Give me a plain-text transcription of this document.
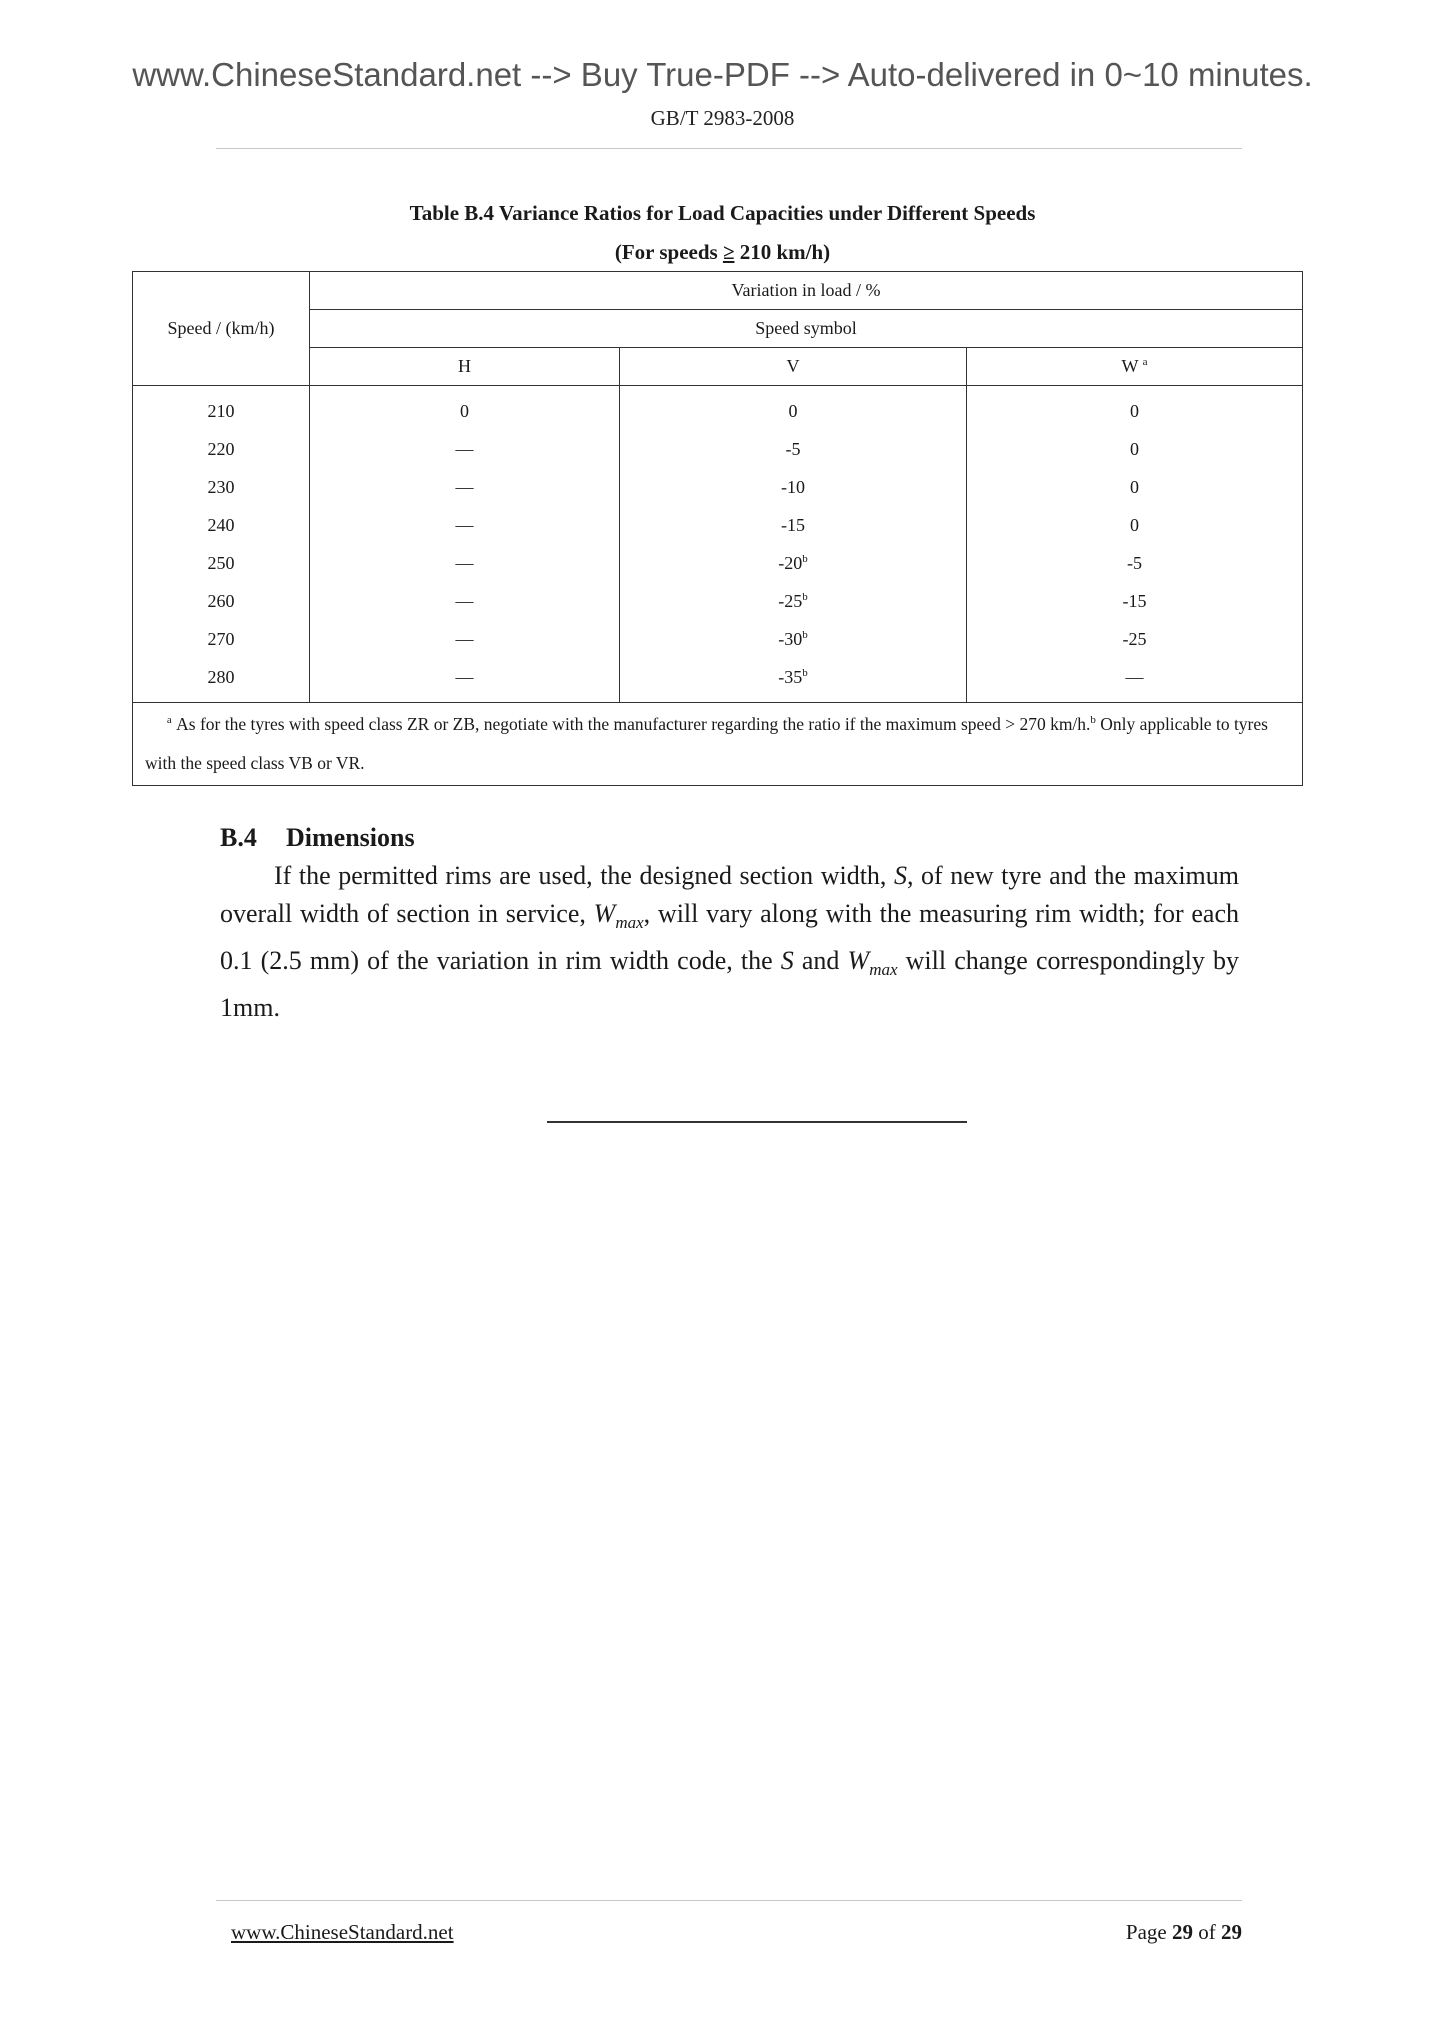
www.ChineseStandard.net --> Buy True-PDF --> Auto-delivered in 0~10 minutes.
GB/T 2983-2008
Table B.4 Variance Ratios for Load Capacities under Different Speeds
(For speeds ≥ 210 km/h)
Speed / (km/h)	Variation in load / %		
	Speed symbol		
	H	V	W $^a$
210	0	0	0
220	—	-5	0
230	—	-10	0
240	—	-15	0
250	—	-20$^b$	-5
260	—	-25$^b$	-15
270	—	-30$^b$	-25
280	—	-35$^b$	—
$^a$ As for the tyres with speed class ZR or ZB, negotiate with the manufacturer regarding the ratio if the maximum speed > 270 km/h.$^b$ Only applicable to tyres with the speed class VB or VR.			
B.4 Dimensions
If the permitted rims are used, the designed section width, S, of new tyre and the maximum overall width of section in service, $W_{max}$, will vary along with the measuring rim width; for each 0.1 (2.5 mm) of the variation in rim width code, the S and $W_{max}$ will change correspondingly by 1mm.
www.ChineseStandard.net	Page 29 of 29
